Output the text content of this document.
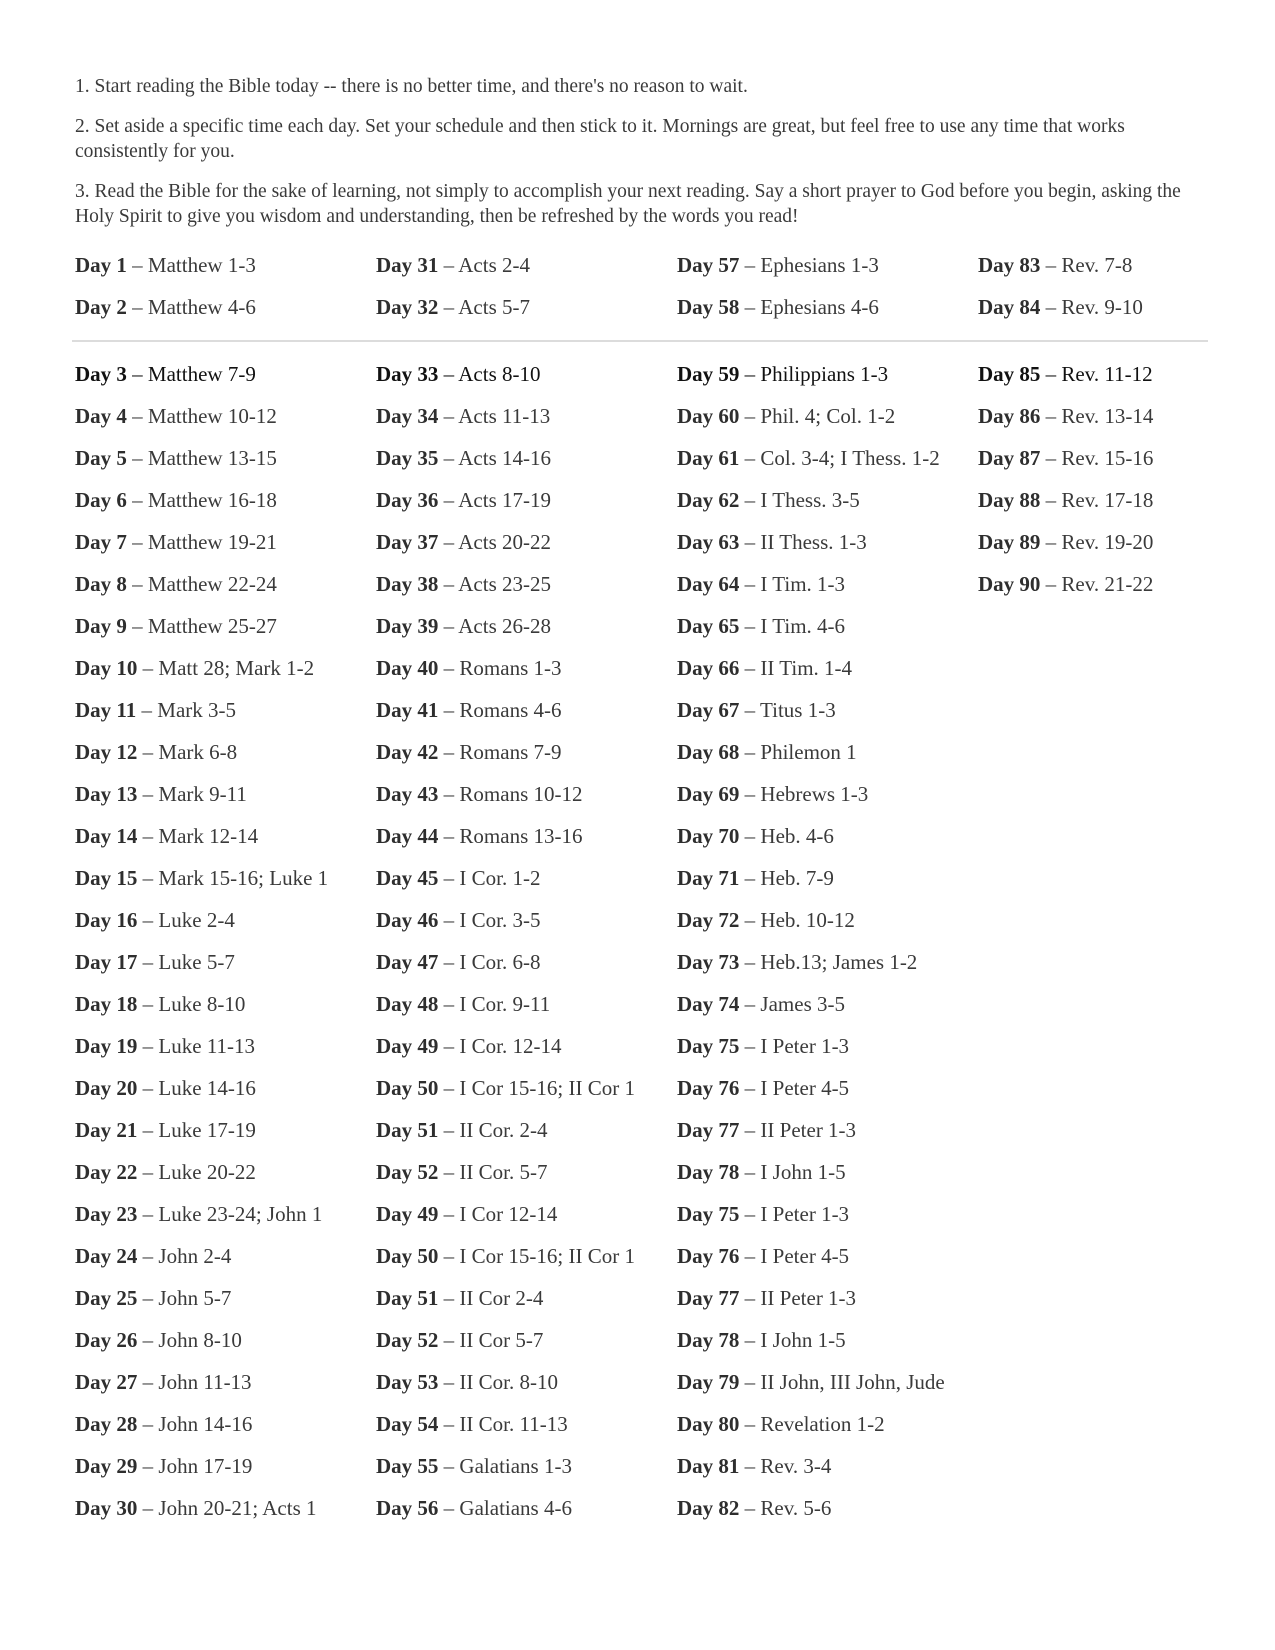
1. Start reading the Bible today -- there is no better time, and there's no reason to wait.

2. Set aside a specific time each day. Set your schedule and then stick to it. Mornings are great, but feel free to use any time that works consistently for you.

3. Read the Bible for the sake of learning, not simply to accomplish your next reading. Say a short prayer to God before you begin, asking the Holy Spirit to give you wisdom and understanding, then be refreshed by the words you read!

Day 1 – Matthew 1-3	Day 31 – Acts 2-4	Day 57 – Ephesians 1-3	Day 83 – Rev. 7-8
Day 2 – Matthew 4-6	Day 32 – Acts 5-7	Day 58 – Ephesians 4-6	Day 84 – Rev. 9-10
Day 3 – Matthew 7-9	Day 33 – Acts 8-10	Day 59 – Philippians 1-3	Day 85 – Rev. 11-12
Day 4 – Matthew 10-12	Day 34 – Acts 11-13	Day 60 – Phil. 4; Col. 1-2	Day 86 – Rev. 13-14
Day 5 – Matthew 13-15	Day 35 – Acts 14-16	Day 61 – Col. 3-4; I Thess. 1-2	Day 87 – Rev. 15-16
Day 6 – Matthew 16-18	Day 36 – Acts 17-19	Day 62 – I Thess. 3-5	Day 88 – Rev. 17-18
Day 7 – Matthew 19-21	Day 37 – Acts 20-22	Day 63 – II Thess. 1-3	Day 89 – Rev. 19-20
Day 8 – Matthew 22-24	Day 38 – Acts 23-25	Day 64 – I Tim. 1-3	Day 90 – Rev. 21-22
Day 9 – Matthew 25-27	Day 39 – Acts 26-28	Day 65 – I Tim. 4-6
Day 10 – Matt 28; Mark 1-2	Day 40 – Romans 1-3	Day 66 – II Tim. 1-4
Day 11 – Mark 3-5	Day 41 – Romans 4-6	Day 67 – Titus 1-3
Day 12 – Mark 6-8	Day 42 – Romans 7-9	Day 68 – Philemon 1
Day 13 – Mark 9-11	Day 43 – Romans 10-12	Day 69 – Hebrews 1-3
Day 14 – Mark 12-14	Day 44 – Romans 13-16	Day 70 – Heb. 4-6
Day 15 – Mark 15-16; Luke 1	Day 45 – I Cor. 1-2	Day 71 – Heb. 7-9
Day 16 – Luke 2-4	Day 46 – I Cor. 3-5	Day 72 – Heb. 10-12
Day 17 – Luke 5-7	Day 47 – I Cor. 6-8	Day 73 – Heb.13; James 1-2
Day 18 – Luke 8-10	Day 48 – I Cor. 9-11	Day 74 – James 3-5
Day 19 – Luke 11-13	Day 49 – I Cor. 12-14	Day 75 – I Peter 1-3
Day 20 – Luke 14-16	Day 50 – I Cor 15-16; II Cor 1	Day 76 – I Peter 4-5
Day 21 – Luke 17-19	Day 51 – II Cor. 2-4	Day 77 – II Peter 1-3
Day 22 – Luke 20-22	Day 52 – II Cor. 5-7	Day 78 – I John 1-5
Day 23 – Luke 23-24; John 1	Day 49 – I Cor 12-14	Day 75 – I Peter 1-3
Day 24 – John 2-4	Day 50 – I Cor 15-16; II Cor 1	Day 76 – I Peter 4-5
Day 25 – John 5-7	Day 51 – II Cor 2-4	Day 77 – II Peter 1-3
Day 26 – John 8-10	Day 52 – II Cor 5-7	Day 78 – I John 1-5
Day 27 – John 11-13	Day 53 – II Cor. 8-10	Day 79 – II John, III John, Jude
Day 28 – John 14-16	Day 54 – II Cor. 11-13	Day 80 – Revelation 1-2
Day 29 – John 17-19	Day 55 – Galatians 1-3	Day 81 – Rev. 3-4
Day 30 – John 20-21; Acts 1	Day 56 – Galatians 4-6	Day 82 – Rev. 5-6
